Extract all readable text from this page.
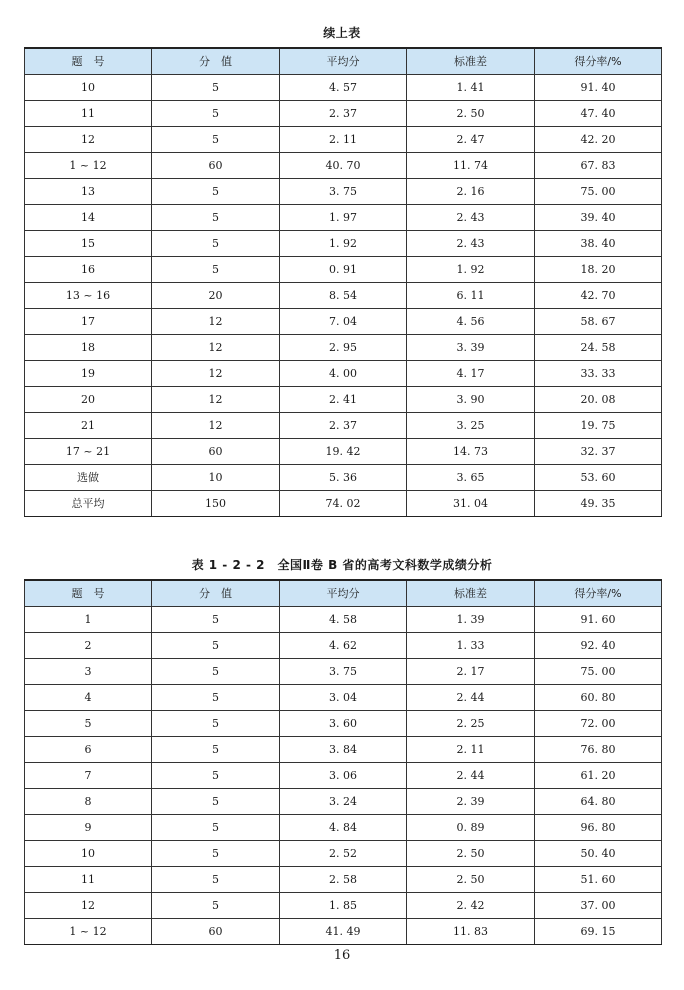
续上表
题　号	分　值	平均分	标准差	得分率/%
10	5	4. 57	1. 41	91. 40
11	5	2. 37	2. 50	47. 40
12	5	2. 11	2. 47	42. 20
1 ~ 12	60	40. 70	11. 74	67. 83
13	5	3. 75	2. 16	75. 00
14	5	1. 97	2. 43	39. 40
15	5	1. 92	2. 43	38. 40
16	5	0. 91	1. 92	18. 20
13 ~ 16	20	8. 54	6. 11	42. 70
17	12	7. 04	4. 56	58. 67
18	12	2. 95	3. 39	24. 58
19	12	4. 00	4. 17	33. 33
20	12	2. 41	3. 90	20. 08
21	12	2. 37	3. 25	19. 75
17 ~ 21	60	19. 42	14. 73	32. 37
选做	10	5. 36	3. 65	53. 60
总平均	150	74. 02	31. 04	49. 35
表 1 - 2 - 2　全国Ⅱ卷 B 省的高考文科数学成绩分析
题　号	分　值	平均分	标准差	得分率/%
1	5	4. 58	1. 39	91. 60
2	5	4. 62	1. 33	92. 40
3	5	3. 75	2. 17	75. 00
4	5	3. 04	2. 44	60. 80
5	5	3. 60	2. 25	72. 00
6	5	3. 84	2. 11	76. 80
7	5	3. 06	2. 44	61. 20
8	5	3. 24	2. 39	64. 80
9	5	4. 84	0. 89	96. 80
10	5	2. 52	2. 50	50. 40
11	5	2. 58	2. 50	51. 60
12	5	1. 85	2. 42	37. 00
1 ~ 12	60	41. 49	11. 83	69. 15
16
